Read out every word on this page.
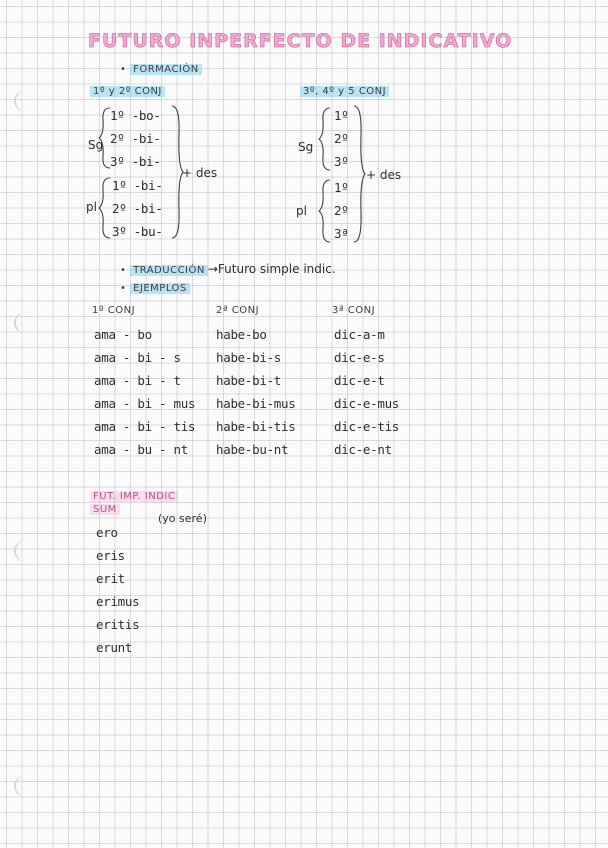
FUTURO INPERFECTO DE INDICATIVO
• FORMACIÓN
1º y 2º CONJ
Sg
1º -bo-
2º -bi-
3º -bi-
pl
1º -bi-
2º -bi-
3º -bu-
+ des
3º, 4º y 5 CONJ
Sg
1º
2º
3º
pl
1º
2º
3ª
+ des
• TRADUCCIÓN →Futuro simple indic.
• EJEMPLOS
1º CONJ	2ª CONJ	3ª CONJ
ama - bo
ama - bi - s
ama - bi - t
ama - bi - mus
ama - bi - tis
ama - bu - nt
habe-bo
habe-bi-s
habe-bi-t
habe-bi-mus
habe-bi-tis
habe-bu-nt
dic-a-m
dic-e-s
dic-e-t
dic-e-mus
dic-e-tis
dic-e-nt
FUT. IMP. INDIC
SUM
(yo seré)
ero
eris
erit
erimus
eritis
erunt
